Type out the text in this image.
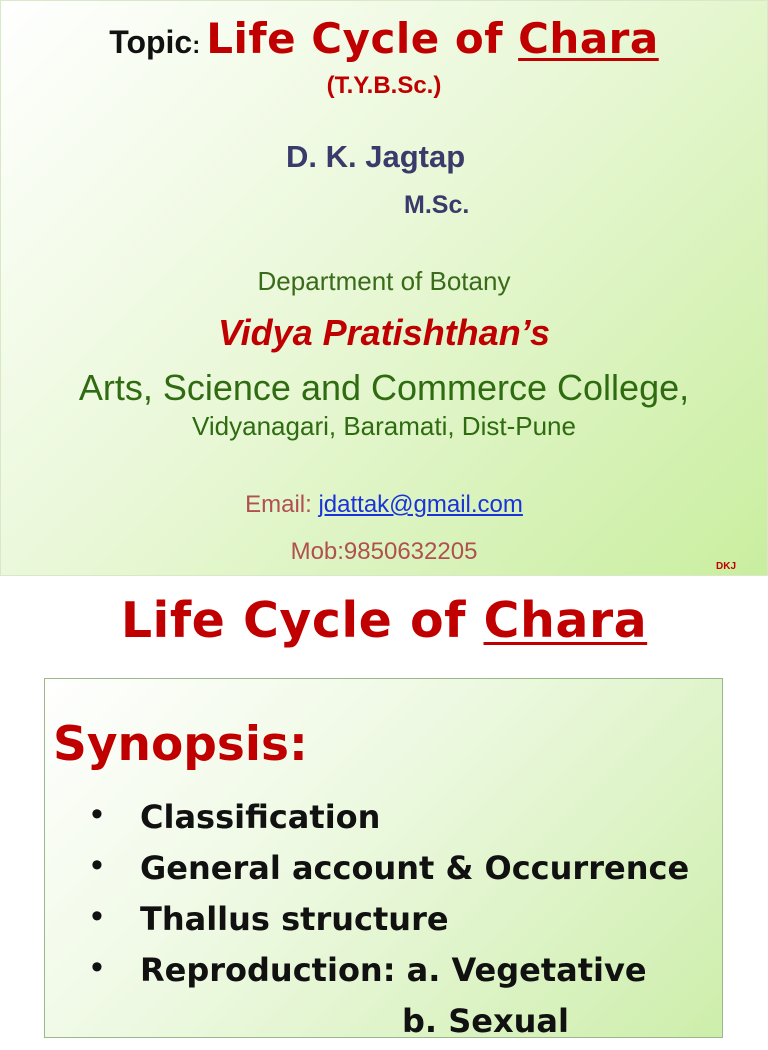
Topic: Life Cycle of Chara
(T.Y.B.Sc.)
D. K. Jagtap
M.Sc.
Department of Botany
Vidya Pratishthan’s
Arts, Science and Commerce College,
Vidyanagari, Baramati, Dist-Pune
Email: jdattak@gmail.com
Mob:9850632205
DKJ
Life Cycle of Chara
Synopsis:
• Classification
• General account & Occurrence
• Thallus structure
• Reproduction: a. Vegetative
b. Sexual
